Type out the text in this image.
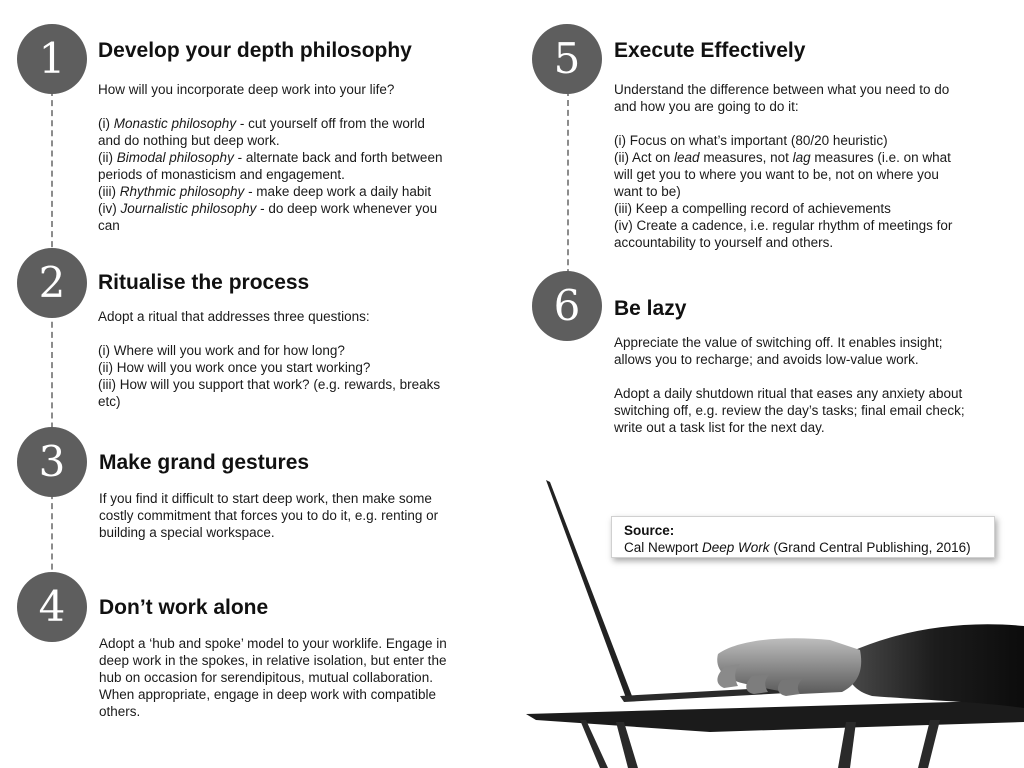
1
2
3
4
5
6
Develop your depth philosophy

How will you incorporate deep work into your life?

(i) Monastic philosophy - cut yourself off from the world

and do nothing but deep work.

(ii) Bimodal philosophy - alternate back and forth between

periods of monasticism and engagement.

(iii) Rhythmic philosophy - make deep work a daily habit

(iv) Journalistic philosophy - do deep work whenever you

can

Ritualise the process

Adopt a ritual that addresses three questions:

(i) Where will you work and for how long?

(ii) How will you work once you start working?

(iii) How will you support that work? (e.g. rewards, breaks

etc)

Make grand gestures

If you find it difficult to start deep work, then make some

costly commitment that forces you to do it, e.g. renting or

building a special workspace.

Don’t work alone

Adopt a ‘hub and spoke’ model to your worklife. Engage in

deep work in the spokes, in relative isolation, but enter the

hub on occasion for serendipitous, mutual collaboration.

When appropriate, engage in deep work with compatible

others.

Execute Effectively

Understand the difference between what you need to do

and how you are going to do it:

(i) Focus on what’s important (80/20 heuristic)

(ii) Act on lead measures, not lag measures (i.e. on what

will get you to where you want to be, not on where you

want to be)

(iii) Keep a compelling record of achievements

(iv) Create a cadence, i.e. regular rhythm of meetings for

accountability to yourself and others.

Be lazy

Appreciate the value of switching off. It enables insight;

allows you to recharge; and avoids low-value work.

Adopt a daily shutdown ritual that eases any anxiety about

switching off, e.g. review the day’s tasks; final email check;

write out a task list for the next day.

Source:
Cal Newport Deep Work (Grand Central Publishing, 2016)
